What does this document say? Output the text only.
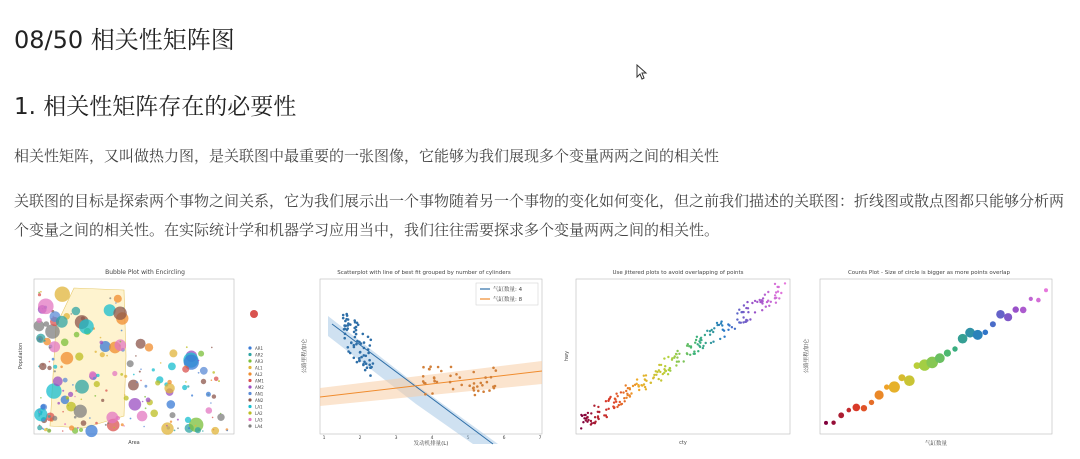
08/50 相关性矩阵图
1. 相关性矩阵存在的必要性
相关性矩阵，又叫做热力图，是关联图中最重要的一张图像，它能够为我们展现多个变量两两之间的相关性
关联图的目标是探索两个事物之间关系，它为我们展示出一个事物随着另一个事物的变化如何变化，但之前我们描述的关联图：折线图或散点图都只能够分析两个变量之间的相关性。在实际统计学和机器学习应用当中，我们往往需要探求多个变量两两之间的相关性。
Bubble Plot with Encircling
Area
Population	AR1
AR2
AR3
AL1
AL2
AM1
AM2
AN1
AN2
LA1
LA2
LA3
LA4
Scatterplot with line of best fit grouped by number of cylinders
发动机排量(L)
公路里程/加仑
气缸数量: 4
气缸数量: 8
1	2	3	4	6	7
Use jittered plots to avoid overlapping of points
cty
hwy
Counts Plot - Size of circle is bigger as more points overlap
气缸数量
公路里程/加仑
